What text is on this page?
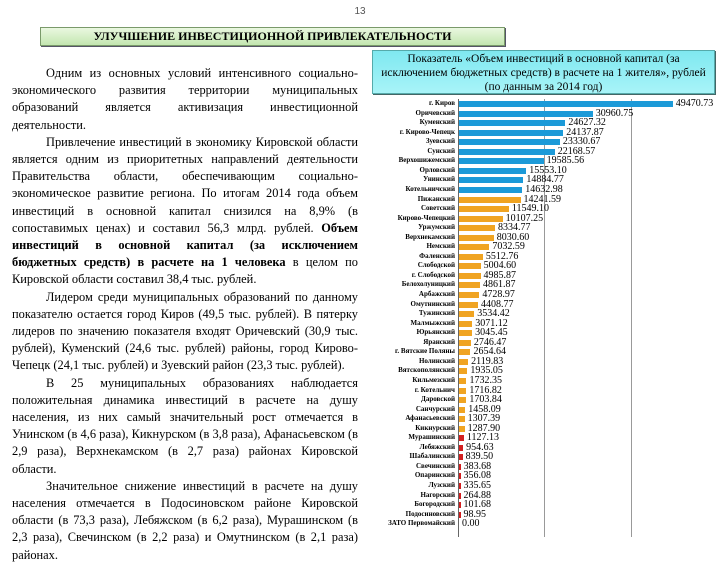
13
УЛУЧШЕНИЕ ИНВЕСТИЦИОННОЙ ПРИВЛЕКАТЕЛЬНОСТИ

Одним из основных условий интенсивного социально-экономического развития территории муниципальных образований является активизация инвестиционной деятельности.

Привлечение инвестиций в экономику Кировской области является одним из приоритетных направлений деятельности Правительства области, обеспечивающим социально-экономическое развитие региона. По итогам 2014 года объем инвестиций в основной капитал снизился на 8,9% (в сопоставимых ценах) и составил 56,3 млрд. рублей. Объем инвестиций в основной капитал (за исключением бюджетных средств) в расчете на 1 человека в целом по Кировской области составил 38,4 тыс. рублей.

Лидером среди муниципальных образований по данному показателю остается город Киров (49,5 тыс. рублей). В пятерку лидеров по значению показателя входят Оричевский (30,9 тыс. рублей), Куменский (24,6 тыс. рублей) районы, город Кирово-Чепецк (24,1 тыс. рублей) и Зуевский район (23,3 тыс. рублей).

В 25 муниципальных образованиях наблюдается положительная динамика инвестиций в расчете на душу населения, из них самый значительный рост отмечается в Унинском (в 4,6 раза), Кикнурском (в 3,8 раза), Афанасьевском (в 2,9 раза), Верхнекамском (в 2,7 раза) районах Кировской области.

Значительное снижение инвестиций в расчете на душу населения отмечается в Подосиновском районе Кировской области (в 73,3 раза), Лебяжском (в 6,2 раза), Мурашинском (в 2,3 раза), Свечинском (в 2,2 раза) и Омутнинском (в 2,1 раза) районах.

Показатель «Объем инвестиций в основной капитал (за исключением бюджетных средств) в расчете на 1 жителя», рублей (по данным за 2014 год)
г. Киров	49470.73
Оричевский	30960.75
Куменский	24627.32
г. Кирово-Чепецк	24137.87
Зуевский	23330.67
Сунский	22168.57
Верхошижемский	19585.56
Орловский	15553.10
Унинский	14884.77
Котельничский	14632.98
Пижанский	14241.59
Советский	11549.10
Кирово-Чепецкий	10107.25
Уржумский	8334.77
Верхнекамский	8030.60
Немский	7032.59
Фаленский	5512.76
Слободской	5004.60
г. Слободской	4985.87
Белохолуницкий	4861.87
Арбажский	4728.97
Омутнинский	4408.77
Тужинский 3534.42
Малмыжский 3071.12
Юрьянский 3045.45
Яранский 2746.47
г. Вятские Поляны 2654.64
Нолинский 2119.83
Вятскополянский 1935.05
Кильмезский 1732.35
г. Котельнич 1716.82
Даровской 1703.84
Санчурский 1458.09
Афанасьевский 1307.39
Кикнурский 1287.90
Мурашинский 1127.13
Лебяжский 954.63
Шабалинский 839.50
Свечинский 383.68
Опаринский 356.08
Лузский 335.65
Нагорский 264.88
Богородский 101.68
Подосиновский 98.95
ЗАТО Первомайский 0.00
